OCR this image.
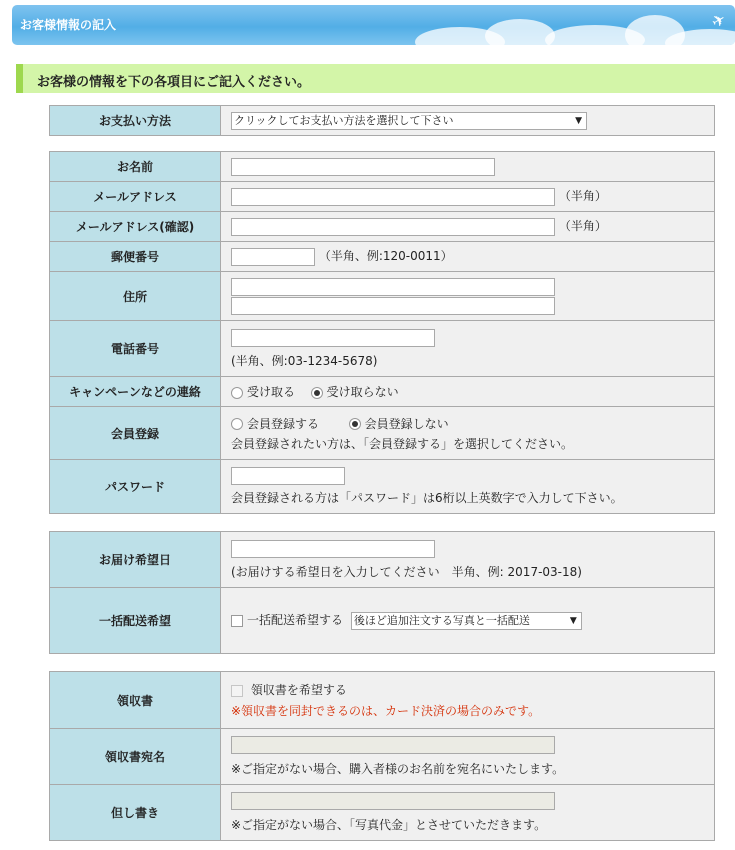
お客様情報の記入	✈
お客様の情報を下の各項目にご記入ください。
お支払い方法	クリックしてお支払い方法を選択して下さい	▼
お名前	
メールアドレス	（半角）
メールアドレス(確認)	（半角）
郵便番号	（半角、例:120-0011）
住所	

電話番号	(半角、例:03-1234-5678)

キャンペーンなどの連絡	受け取る 受け取らない
会員登録	会員登録する 会員登録しない
会員登録されたい方は、「会員登録する」を選択してください。
パスワード	会員登録される方は「パスワード」は6桁以上英数字で入力して下さい。
お届け希望日	(お届けする希望日を入力してください　半角、例: 2017-03-18)

一括配送希望	一括配送希望する 後ほど追加注文する写真と一括配送 ▼
領収書	領収書を希望する
※領収書を同封できるのは、カード決済の場合のみです。
領収書宛名	※ご指定がない場合、購入者様のお名前を宛名にいたします。

但し書き	※ご指定がない場合、「写真代金」とさせていただきます。
